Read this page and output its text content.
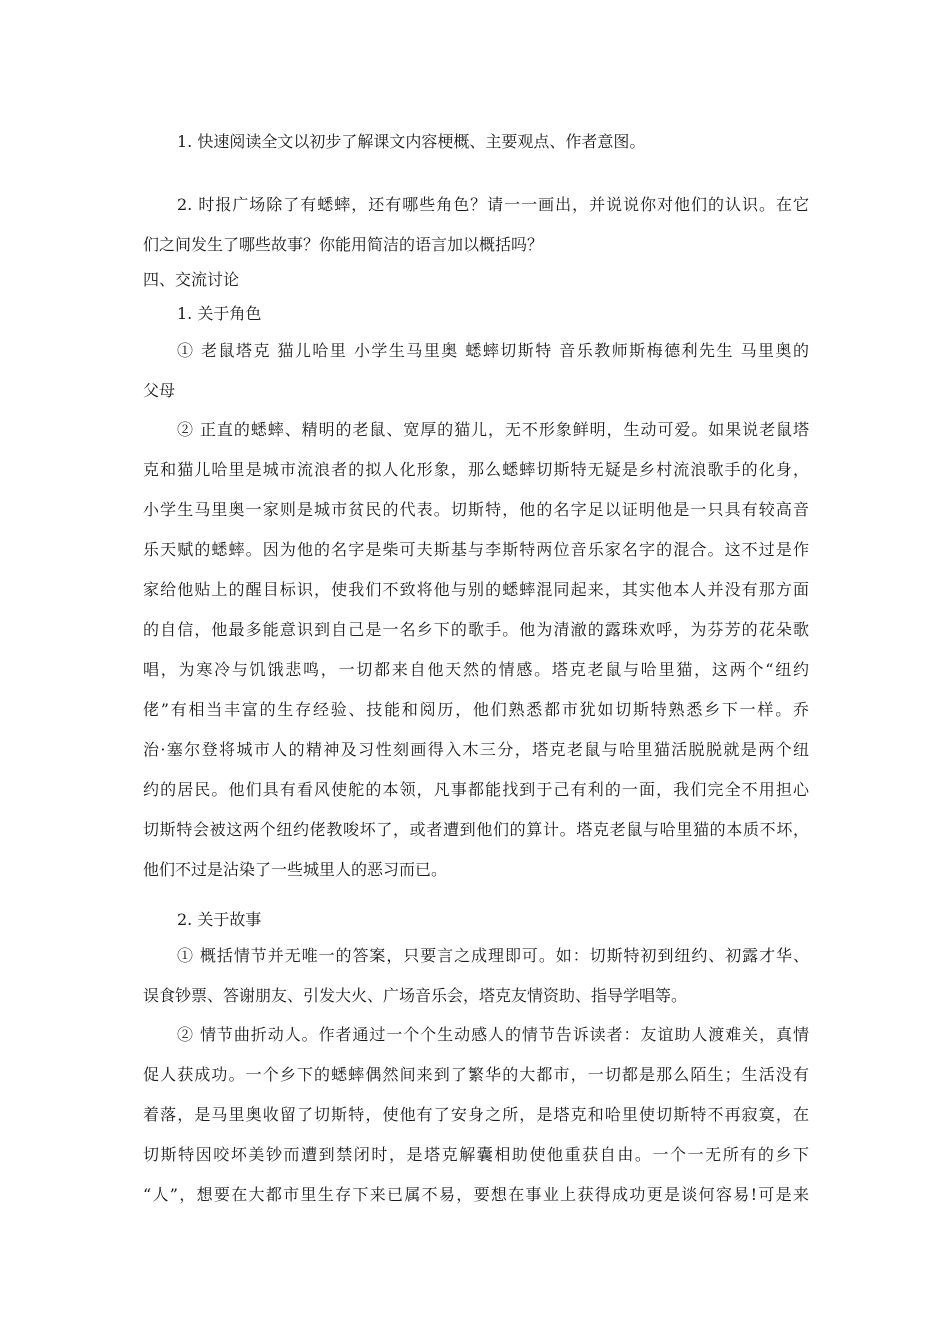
1. 快速阅读全文以初步了解课文内容梗概、主要观点、作者意图。

2. 时报广场除了有蟋蟀，还有哪些角色？请一一画出，并说说你对他们的认识。在它
们之间发生了哪些故事？你能用简洁的语言加以概括吗？

四、交流讨论

1. 关于角色

① 老鼠塔克 猫儿哈里 小学生马里奥 蟋蟀切斯特 音乐教师斯梅德利先生 马里奥的
父母

② 正直的蟋蟀、精明的老鼠、宽厚的猫儿，无不形象鲜明，生动可爱。如果说老鼠塔
克和猫儿哈里是城市流浪者的拟人化形象，那么蟋蟀切斯特无疑是乡村流浪歌手的化身，
小学生马里奥一家则是城市贫民的代表。切斯特，他的名字足以证明他是一只具有较高音
乐天赋的蟋蟀。因为他的名字是柴可夫斯基与李斯特两位音乐家名字的混合。这不过是作
家给他贴上的醒目标识，使我们不致将他与别的蟋蟀混同起来，其实他本人并没有那方面
的自信，他最多能意识到自己是一名乡下的歌手。他为清澈的露珠欢呼，为芬芳的花朵歌
唱，为寒冷与饥饿悲鸣，一切都来自他天然的情感。塔克老鼠与哈里猫，这两个“纽约
佬”有相当丰富的生存经验、技能和阅历，他们熟悉都市犹如切斯特熟悉乡下一样。乔
治·塞尔登将城市人的精神及习性刻画得入木三分，塔克老鼠与哈里猫活脱脱就是两个纽
约的居民。他们具有看风使舵的本领，凡事都能找到于己有利的一面，我们完全不用担心
切斯特会被这两个纽约佬教唆坏了，或者遭到他们的算计。塔克老鼠与哈里猫的本质不坏，
他们不过是沾染了一些城里人的恶习而已。

2. 关于故事

① 概括情节并无唯一的答案，只要言之成理即可。如：切斯特初到纽约、初露才华、
误食钞票、答谢朋友、引发大火、广场音乐会，塔克友情资助、指导学唱等。

② 情节曲折动人。作者通过一个个生动感人的情节告诉读者：友谊助人渡难关，真情
促人获成功。一个乡下的蟋蟀偶然间来到了繁华的大都市，一切都是那么陌生；生活没有
着落，是马里奥收留了切斯特，使他有了安身之所，是塔克和哈里使切斯特不再寂寞，在
切斯特因咬坏美钞而遭到禁闭时，是塔克解囊相助使他重获自由。一个一无所有的乡下
“人”，想要在大都市里生存下来已属不易，要想在事业上获得成功更是谈何容易!可是来
